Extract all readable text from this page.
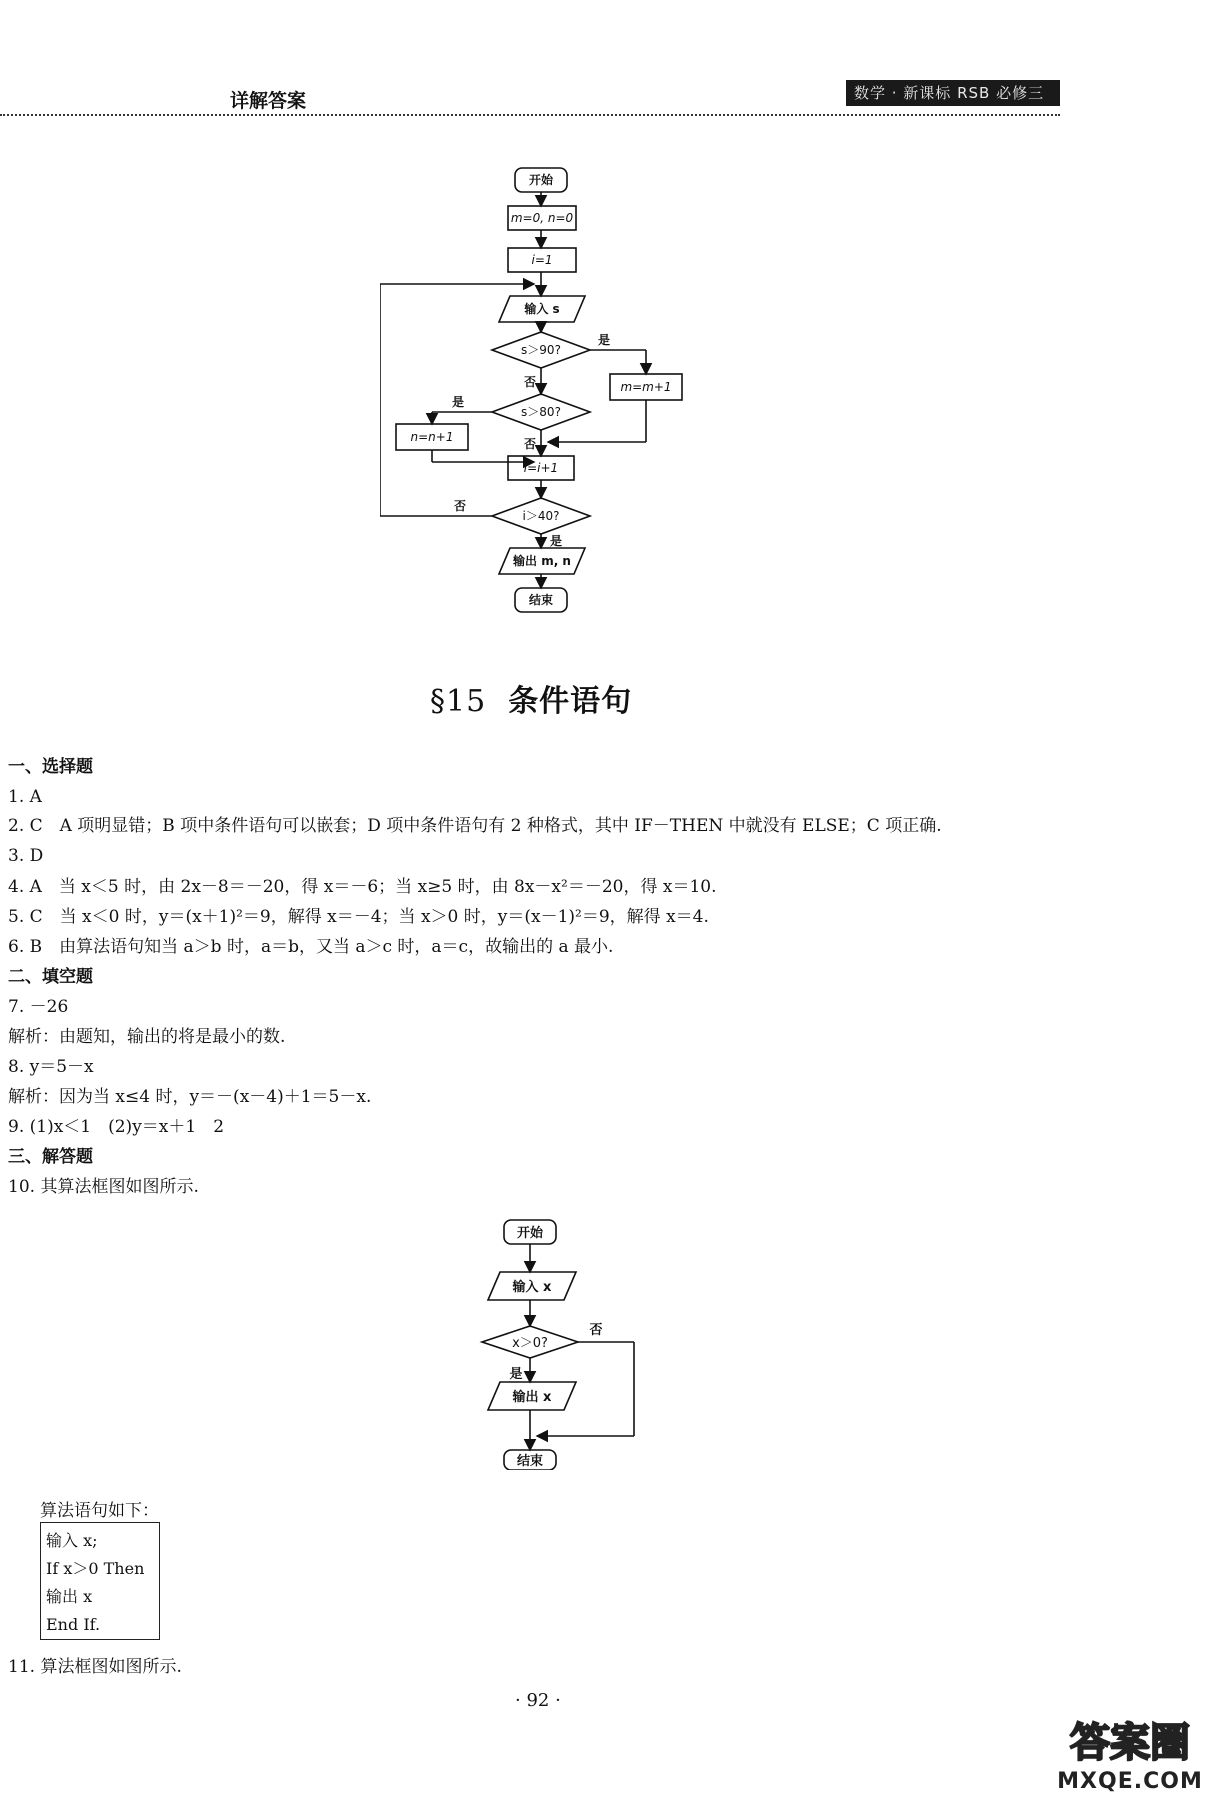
详解答案	数学 · 新课标 RSB 必修三
开始
m=0, n=0
i=1
输入 s
s＞90?
是
否	m=m+1
s＞80?
是
否
n=n+1
i=i+1
i＞40?
否
是
输出 m, n
结束
§15 条件语句
一、选择题
1. A
2. C　A 项明显错；B 项中条件语句可以嵌套；D 项中条件语句有 2 种格式，其中 IF－THEN 中就没有 ELSE；C 项正确.
3. D
4. A　当 x＜5 时，由 2x－8＝－20，得 x＝－6；当 x≥5 时，由 8x－x²＝－20，得 x＝10.
5. C　当 x＜0 时，y＝(x＋1)²＝9，解得 x＝－4；当 x＞0 时，y＝(x－1)²＝9，解得 x＝4.
6. B　由算法语句知当 a＞b 时，a＝b，又当 a＞c 时，a＝c，故输出的 a 最小.
二、填空题
7. －26
解析：由题知，输出的将是最小的数.
8. y＝5－x
解析：因为当 x≤4 时，y＝－(x－4)＋1＝5－x.
9. (1)x＜1　(2)y＝x＋1　2
三、解答题
10. 其算法框图如图所示.
开始
输入 x
x＞0?
否
是
输出 x
结束
算法语句如下：
输入 x;
If x＞0 Then
输出 x
End If.
11. 算法框图如图所示.
· 92 ·
答案圈
MXQE.COM
